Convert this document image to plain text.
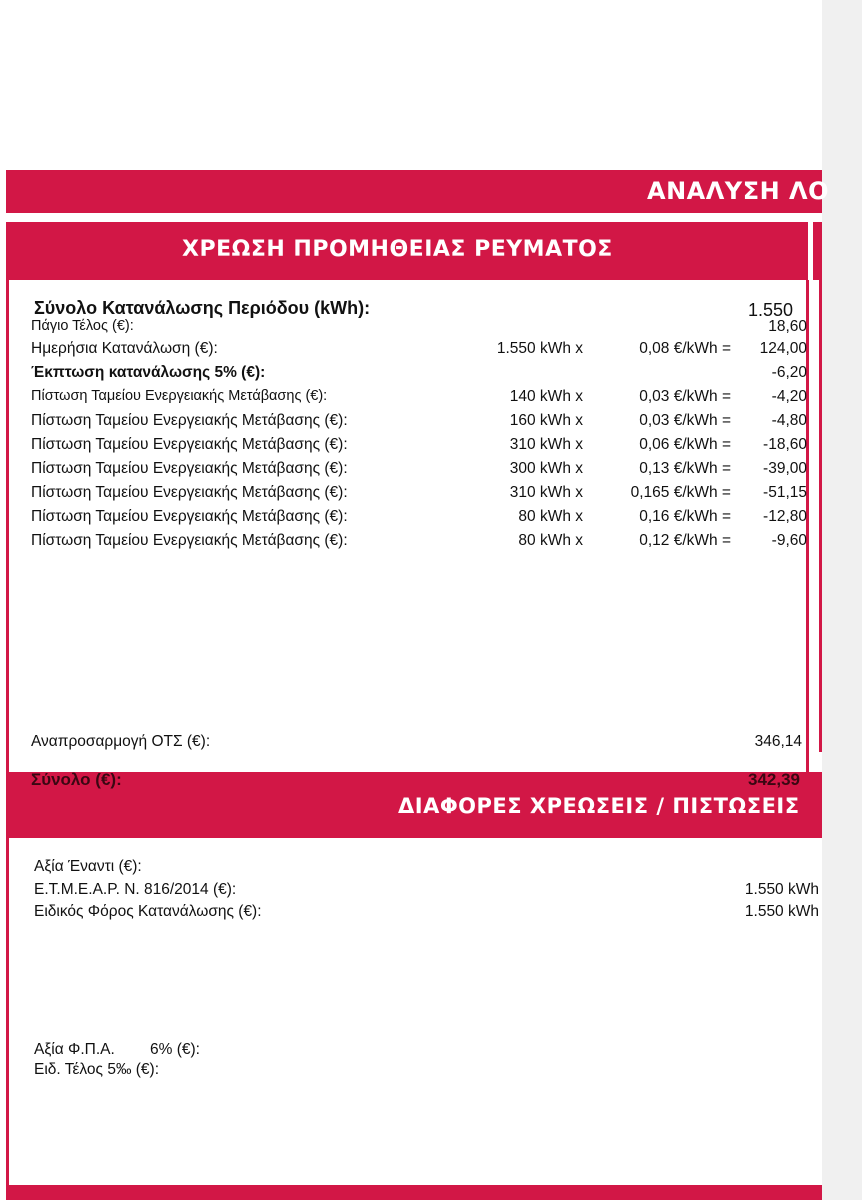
ΑΝΑΛΥΣΗ ΛΟ
ΧΡΕΩΣΗ ΠΡΟΜΗΘΕΙΑΣ ΡΕΥΜΑΤΟΣ
Σύνολο Κατανάλωσης Περιόδου (kWh):	1.550
Πάγιο Τέλος (€):	18,60
Ημερήσια Κατανάλωση (€):	1.550 kWh x	0,08 €/kWh = 124,00
Έκπτωση κατανάλωσης 5% (€):	-6,20
Πίστωση Ταμείου Ενεργειακής Μετάβασης (€):	140 kWh x	0,03 €/kWh =	-4,20
Πίστωση Ταμείου Ενεργειακής Μετάβασης (€):	160 kWh x	0,03 €/kWh =	-4,80
Πίστωση Ταμείου Ενεργειακής Μετάβασης (€):	310 kWh x	0,06 €/kWh = -18,60
Πίστωση Ταμείου Ενεργειακής Μετάβασης (€):	300 kWh x	0,13 €/kWh = -39,00
Πίστωση Ταμείου Ενεργειακής Μετάβασης (€):	310 kWh x	0,165 €/kWh = -51,15
Πίστωση Ταμείου Ενεργειακής Μετάβασης (€):	80 kWh x	0,16 €/kWh = -12,80
Πίστωση Ταμείου Ενεργειακής Μετάβασης (€):	80 kWh x	0,12 €/kWh =	-9,60
Αναπροσαρμογή ΟΤΣ (€):	346,14
Σύνολο (€):	342,39
ΔΙΑΦΟΡΕΣ ΧΡΕΩΣΕΙΣ / ΠΙΣΤΩΣΕΙΣ
Αξία Έναντι (€):
Ε.Τ.Μ.Ε.Α.Ρ. Ν. 816/2014 (€):	1.550 kWh
Ειδικός Φόρος Κατανάλωσης (€):	1.550 kWh
Αξία Φ.Π.Α. 6% (€):
Ειδ. Τέλος 5‰ (€):
